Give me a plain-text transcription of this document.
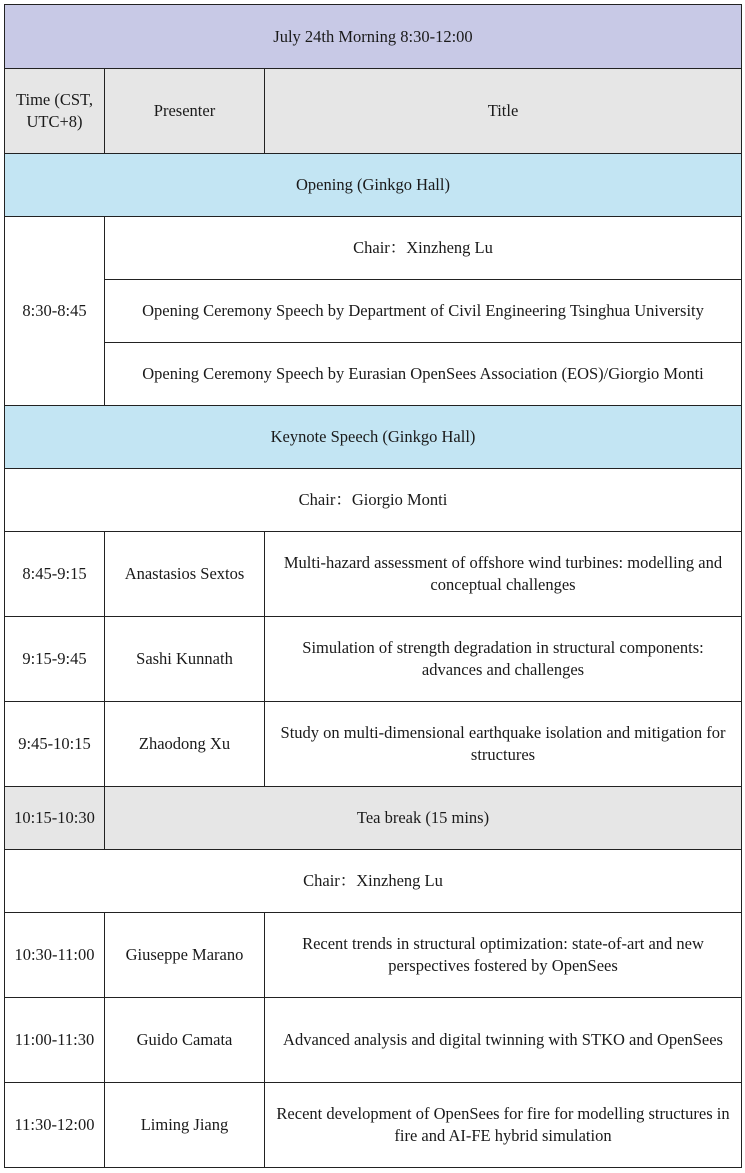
July 24th Morning 8:30-12:00		
Time (CST, UTC+8)	Presenter	Title
Opening (Ginkgo Hall)		
8:30-8:45	Chair：Xinzheng Lu	
	Opening Ceremony Speech by Department of Civil Engineering Tsinghua University	
	Opening Ceremony Speech by Eurasian OpenSees Association (EOS)/Giorgio Monti	
Keynote Speech (Ginkgo Hall)		
Chair：Giorgio Monti		
8:45-9:15	Anastasios Sextos	Multi-hazard assessment of offshore wind turbines: modelling and conceptual challenges
9:15-9:45	Sashi Kunnath	Simulation of strength degradation in structural components: advances and challenges
9:45-10:15	Zhaodong Xu	Study on multi-dimensional earthquake isolation and mitigation for structures
10:15-10:30	Tea break (15 mins)	
Chair：Xinzheng Lu		
10:30-11:00	Giuseppe Marano	Recent trends in structural optimization: state-of-art and new perspectives fostered by OpenSees
11:00-11:30	Guido Camata	Advanced analysis and digital twinning with STKO and OpenSees
11:30-12:00	Liming Jiang	Recent development of OpenSees for fire for modelling structures in fire and AI-FE hybrid simulation
